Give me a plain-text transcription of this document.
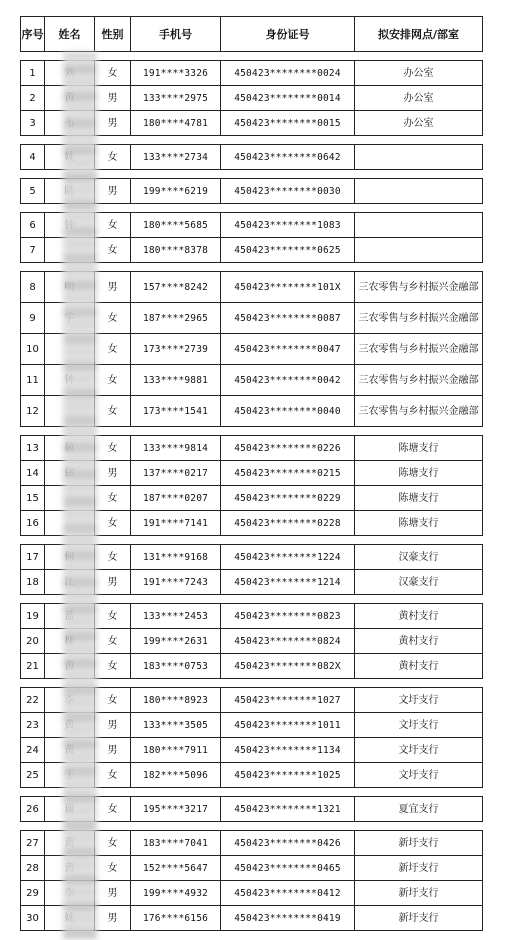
序号	姓名	性别	手机号	身份证号	拟安排网点/部室
1		女	191****3326	450423********0024	办公室
2		男	133****2975	450423********0014	办公室
3		男	180****4781	450423********0015	办公室
4		女	133****2734	450423********0642	
5		男	199****6219	450423********0030	
6		女	180****5685	450423********1083	
7		女	180****8378	450423********0625	
8		男	157****8242	450423********101X	三农零售与乡村振兴金融部
9		女	187****2965	450423********0087	三农零售与乡村振兴金融部
10		女	173****2739	450423********0047	三农零售与乡村振兴金融部
11		女	133****9881	450423********0042	三农零售与乡村振兴金融部
12		女	173****1541	450423********0040	三农零售与乡村振兴金融部
13		女	133****9814	450423********0226	陈塘支行
14		男	137****0217	450423********0215	陈塘支行
15		女	187****0207	450423********0229	陈塘支行
16		女	191****7141	450423********0228	陈塘支行
17		女	131****9168	450423********1224	汉豪支行
18		男	191****7243	450423********1214	汉豪支行
19		女	133****2453	450423********0823	黄村支行
20		女	199****2631	450423********0824	黄村支行
21		女	183****0753	450423********082X	黄村支行
22		女	180****8923	450423********1027	文圩支行
23		男	133****3505	450423********1011	文圩支行
24		男	180****7911	450423********1134	文圩支行
25		女	182****5096	450423********1025	文圩支行
26		女	195****3217	450423********1321	夏宜支行
27		女	183****7041	450423********0426	新圩支行
28		女	152****5647	450423********0465	新圩支行
29		男	199****4932	450423********0412	新圩支行
30		男	176****6156	450423********0419	新圩支行
